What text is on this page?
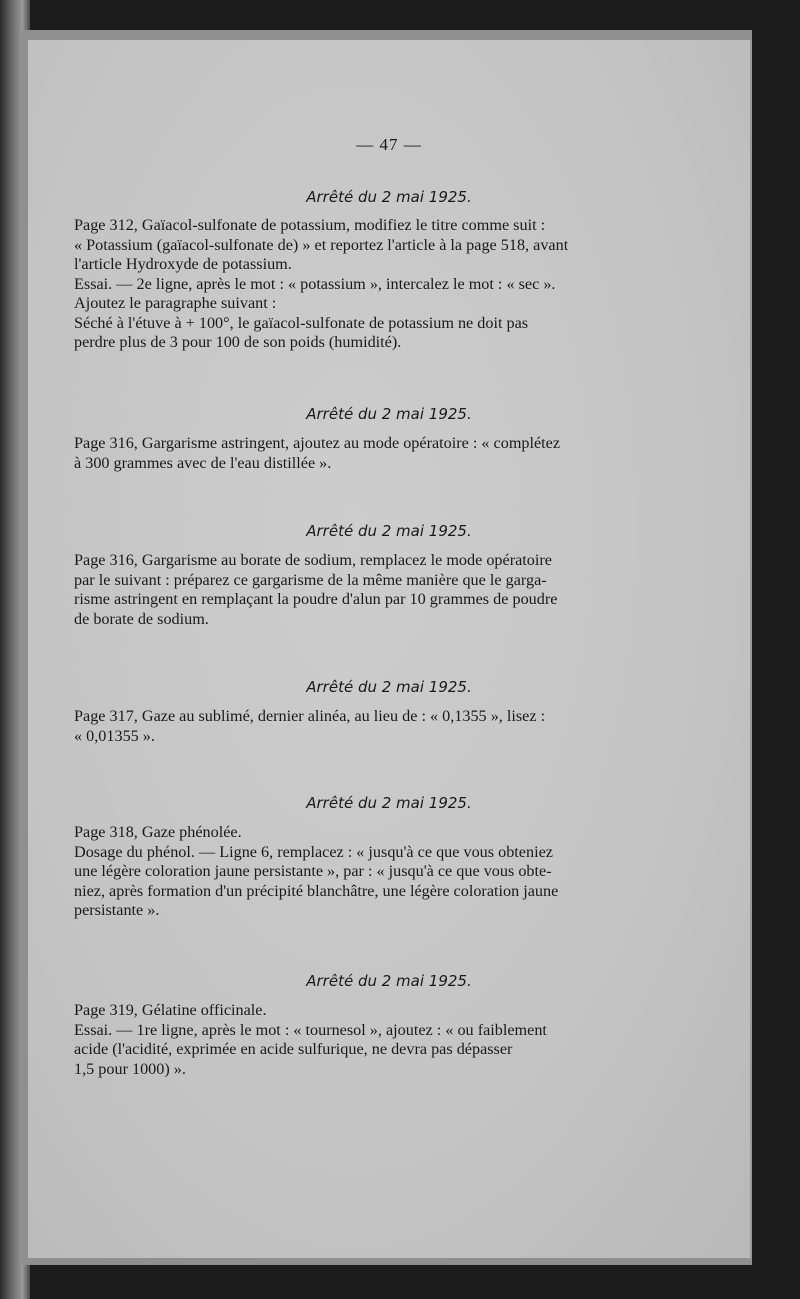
— 47 —
Arrêté du 2 mai 1925.
Page 312, Gaïacol-sulfonate de potassium, modifiez le titre comme suit :
« Potassium (gaïacol-sulfonate de) » et reportez l'article à la page 518, avant
l'article Hydroxyde de potassium.
Essai. — 2e ligne, après le mot : « potassium », intercalez le mot : « sec ».
Ajoutez le paragraphe suivant :
Séché à l'étuve à + 100°, le gaïacol-sulfonate de potassium ne doit pas
perdre plus de 3 pour 100 de son poids (humidité).
Arrêté du 2 mai 1925.
Page 316, Gargarisme astringent, ajoutez au mode opératoire : « complétez
à 300 grammes avec de l'eau distillée ».
Arrêté du 2 mai 1925.
Page 316, Gargarisme au borate de sodium, remplacez le mode opératoire
par le suivant : préparez ce gargarisme de la même manière que le garga-
risme astringent en remplaçant la poudre d'alun par 10 grammes de poudre
de borate de sodium.
Arrêté du 2 mai 1925.
Page 317, Gaze au sublimé, dernier alinéa, au lieu de : « 0,1355 », lisez :
« 0,01355 ».
Arrêté du 2 mai 1925.
Page 318, Gaze phénolée.
Dosage du phénol. — Ligne 6, remplacez : « jusqu'à ce que vous obteniez
une légère coloration jaune persistante », par : « jusqu'à ce que vous obte-
niez, après formation d'un précipité blanchâtre, une légère coloration jaune
persistante ».
Arrêté du 2 mai 1925.
Page 319, Gélatine officinale.
Essai. — 1re ligne, après le mot : « tournesol », ajoutez : « ou faiblement
acide (l'acidité, exprimée en acide sulfurique, ne devra pas dépasser
1,5 pour 1000) ».
